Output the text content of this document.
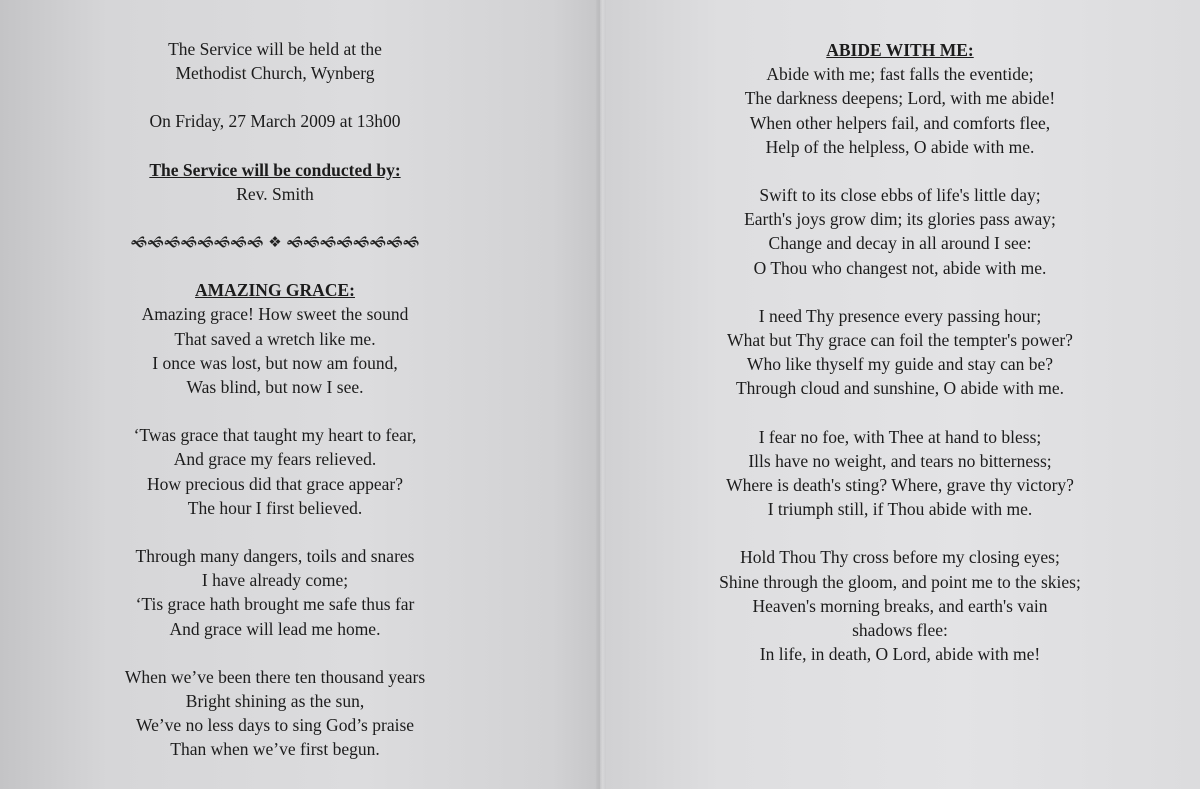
The Service will be held at the
Methodist Church, Wynberg
On Friday, 27 March 2009 at 13h00
The Service will be conducted by:
Rev. Smith
🙜🙜🙜🙜🙜🙜🙜🙜 ❖ 🙜🙜🙜🙜🙜🙜🙜🙜
AMAZING GRACE:
Amazing grace! How sweet the sound
That saved a wretch like me.
I once was lost, but now am found,
Was blind, but now I see.
‘Twas grace that taught my heart to fear,
And grace my fears relieved.
How precious did that grace appear?
The hour I first believed.
Through many dangers, toils and snares
I have already come;
‘Tis grace hath brought me safe thus far
And grace will lead me home.
When we’ve been there ten thousand years
Bright shining as the sun,
We’ve no less days to sing God’s praise
Than when we’ve first begun.
ABIDE WITH ME:
Abide with me; fast falls the eventide;
The darkness deepens; Lord, with me abide!
When other helpers fail, and comforts flee,
Help of the helpless, O abide with me.
Swift to its close ebbs of life's little day;
Earth's joys grow dim; its glories pass away;
Change and decay in all around I see:
O Thou who changest not, abide with me.
I need Thy presence every passing hour;
What but Thy grace can foil the tempter's power?
Who like thyself my guide and stay can be?
Through cloud and sunshine, O abide with me.
I fear no foe, with Thee at hand to bless;
Ills have no weight, and tears no bitterness;
Where is death's sting? Where, grave thy victory?
I triumph still, if Thou abide with me.
Hold Thou Thy cross before my closing eyes;
Shine through the gloom, and point me to the skies;
Heaven's morning breaks, and earth's vain
shadows flee:
In life, in death, O Lord, abide with me!
